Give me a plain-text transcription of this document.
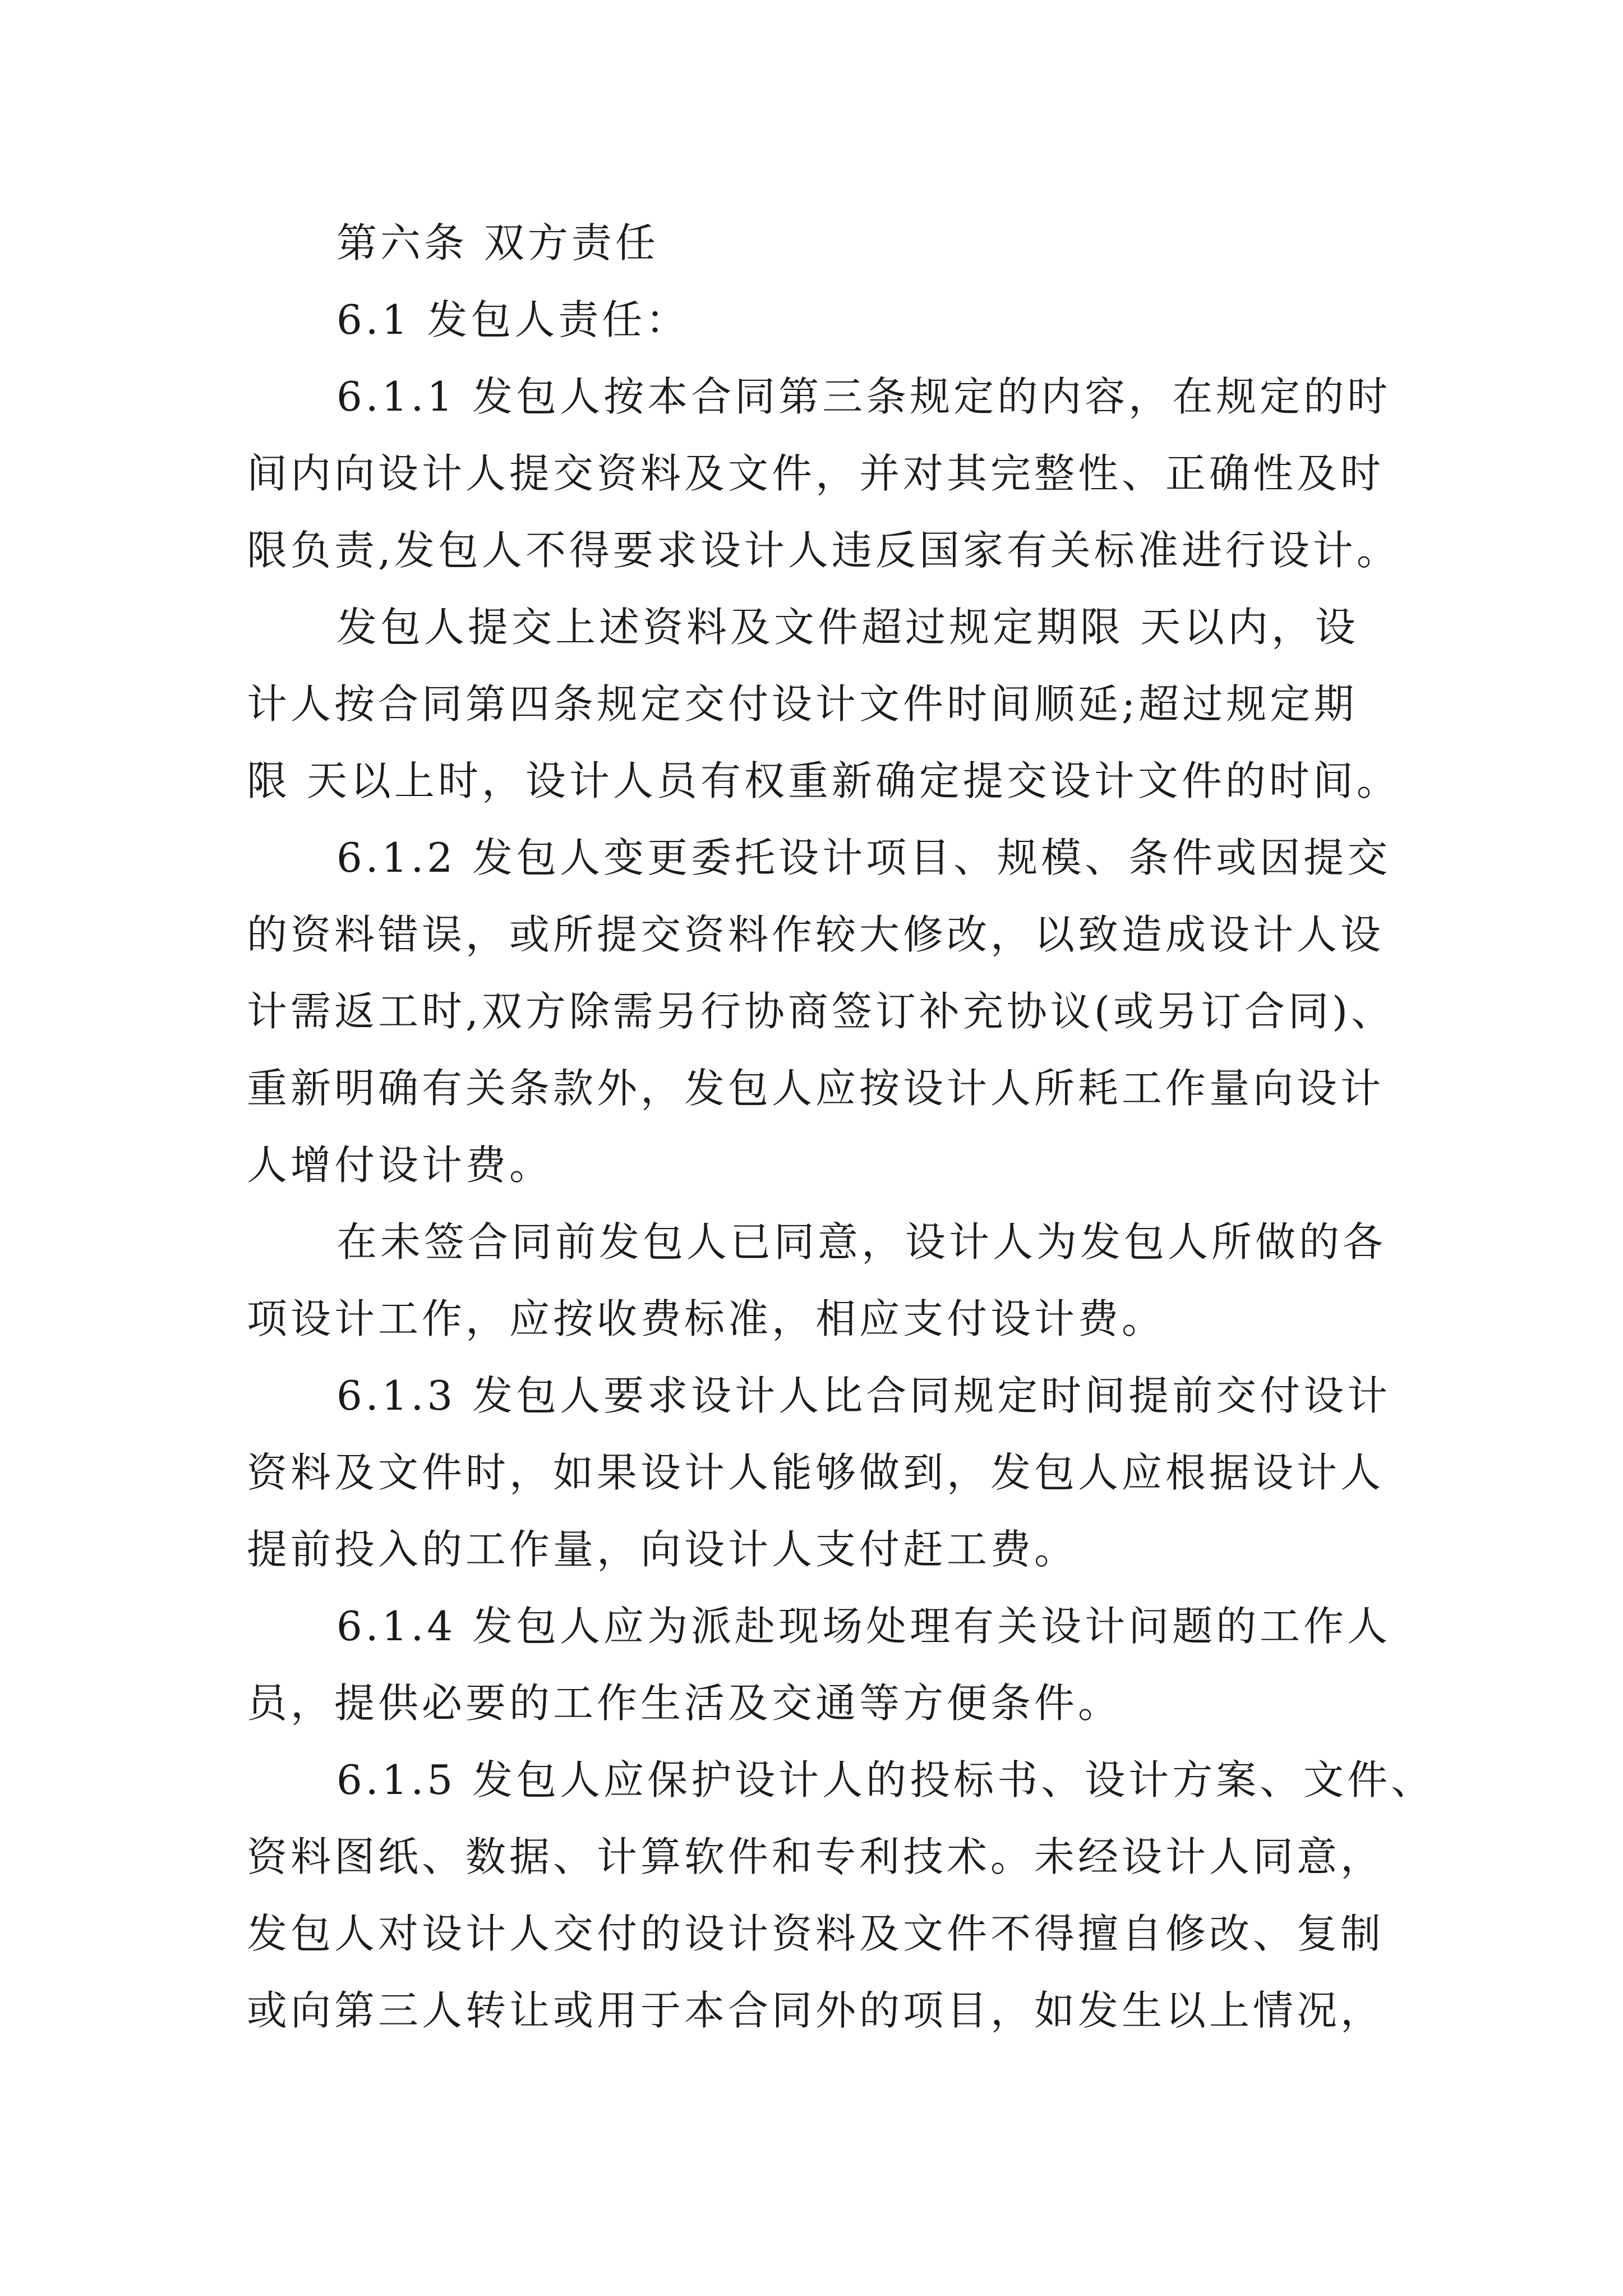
第六条 双方责任

6.1 发包人责任：

6.1.1 发包人按本合同第三条规定的内容，在规定的时

间内向设计人提交资料及文件，并对其完整性、正确性及时

限负责,发包人不得要求设计人违反国家有关标准进行设计。

发包人提交上述资料及文件超过规定期限 天以内，设

计人按合同第四条规定交付设计文件时间顺延;超过规定期

限 天以上时，设计人员有权重新确定提交设计文件的时间。

6.1.2 发包人变更委托设计项目、规模、条件或因提交

的资料错误，或所提交资料作较大修改，以致造成设计人设

计需返工时,双方除需另行协商签订补充协议(或另订合同)、

重新明确有关条款外，发包人应按设计人所耗工作量向设计

人增付设计费。

在未签合同前发包人已同意，设计人为发包人所做的各

项设计工作，应按收费标准，相应支付设计费。

6.1.3 发包人要求设计人比合同规定时间提前交付设计

资料及文件时，如果设计人能够做到，发包人应根据设计人

提前投入的工作量，向设计人支付赶工费。

6.1.4 发包人应为派赴现场处理有关设计问题的工作人

员，提供必要的工作生活及交通等方便条件。

6.1.5 发包人应保护设计人的投标书、设计方案、文件、

资料图纸、数据、计算软件和专利技术。未经设计人同意，

发包人对设计人交付的设计资料及文件不得擅自修改、复制

或向第三人转让或用于本合同外的项目，如发生以上情况，
